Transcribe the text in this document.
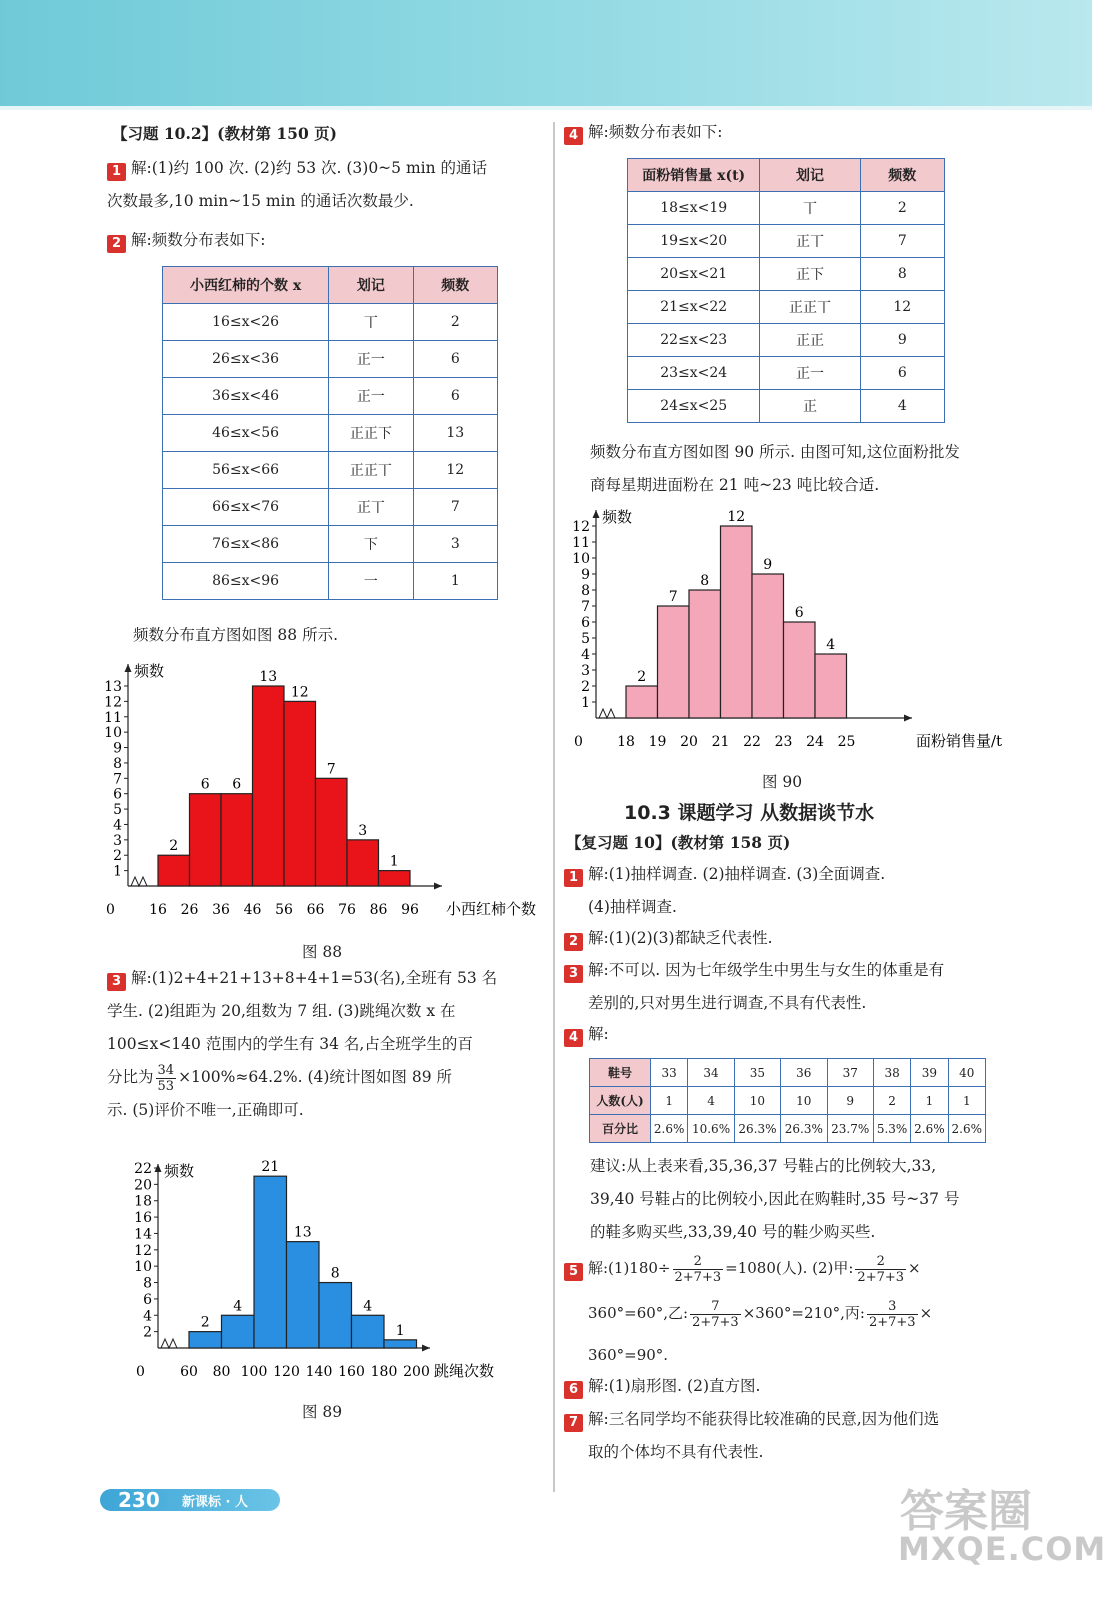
【习题 10.2】(教材第 150 页)
1 解:(1)约 100 次. (2)约 53 次. (3)0~5 min 的通话
次数最多,10 min~15 min 的通话次数最少.
2 解:频数分布表如下:
小西红柿的个数 x	划记	频数
16≤x<26	丅	2
26≤x<36	正一	6
36≤x<46	正一	6
46≤x<56	正正下	13
56≤x<66	正正丅	12
66≤x<76	正丅	7
76≤x<86	下	3
86≤x<96	一	1
频数分布直方图如图 88 所示.
频数
0
1
2
3
4
5
6
7
8
9
10
11
12
13
2
6 6
13
12
7
3
1
16 26 36 46 56 66 76 86 96 小西红柿个数
图 88
3 解:(1)2+4+21+13+8+4+1=53(名),全班有 53 名
学生. (2)组距为 20,组数为 7 组. (3)跳绳次数 x 在
100≤x<140 范围内的学生有 34 名,占全班学生的百
分比为 $\frac{34}{53} \times 100\%\approx 64.2\%$. (4)统计图如图 89 所
示. (5)评价不唯一,正确即可.
频数
0
2
4
6
8
10
12
14
16
18
20
22
2
4
21
13
8
4
1
60 80 100 120 140 160 180 200 跳绳次数
图 89
4 解:频数分布表如下:
面粉销售量 x(t)	划记	频数
18≤x<19	丅	2
19≤x<20	正丅	7
20≤x<21	正下	8
21≤x<22	正正丅	12
22≤x<23	正正	9
23≤x<24	正一	6
24≤x<25	正	4
频数分布直方图如图 90 所示. 由图可知,这位面粉批发
商每星期进面粉在 21 吨~23 吨比较合适.
频数
0
1
2
3
4
5
6
7
8
9
10
11
12
2
7
8
12
9
6
4
18 19 20 21 22 23 24 25	面粉销售量/t
图 90
10.3 课题学习 从数据谈节水
【复习题 10】(教材第 158 页)
1 解:(1)抽样调查. (2)抽样调查. (3)全面调查.
(4)抽样调查.
2 解:(1)(2)(3)都缺乏代表性.
3 解:不可以. 因为七年级学生中男生与女生的体重是有
差别的,只对男生进行调查,不具有代表性.
4 解:
鞋号	33	34	35	36	37	38	39	40
人数(人)	1	4	10	10	9	2	1	1
百分比	2.6%	10.6%	26.3%	26.3%	23.7%	5.3%	2.6%	2.6%
建议:从上表来看,35,36,37 号鞋占的比例较大,33,
39,40 号鞋占的比例较小,因此在购鞋时,35 号~37 号
的鞋多购买些,33,39,40 号的鞋少购买些.
5 解:(1)180÷ $\frac{2}{2+7+3} =1080$(人). (2)甲: $\frac{2}{2+7+3}$ ×
360°=60°,乙: $\frac{7}{2+7+3} \times 360^\circ=210^\circ$,丙: $\frac{3}{2+7+3}$ ×
360°=90°.
6 解:(1)扇形图. (2)直方图.
7 解:三名同学均不能获得比较准确的民意,因为他们选
取的个体均不具有代表性.
230 新课标 · 人	答案圈
MXQE.COM
